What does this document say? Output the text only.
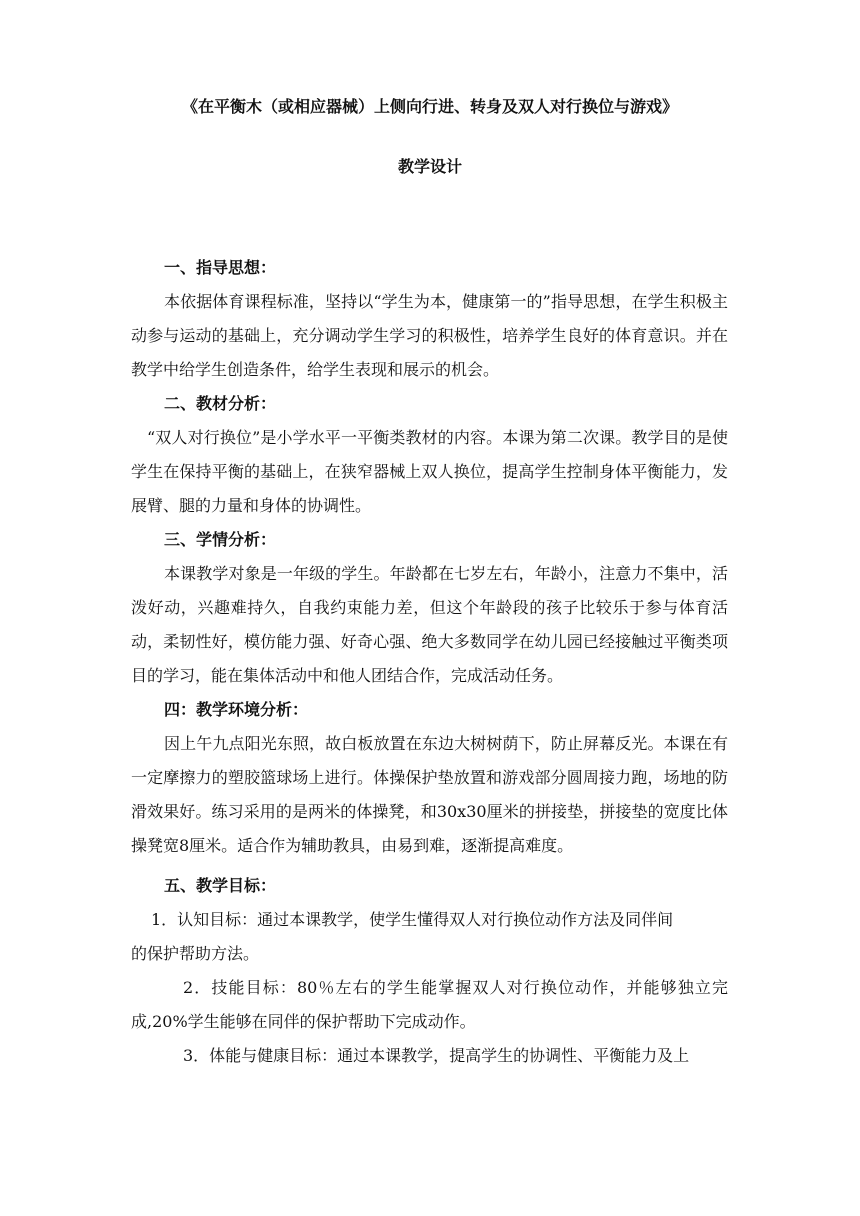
《在平衡木（或相应器械）上侧向行进、转身及双人对行换位与游戏》
教学设计
一、指导思想：
本依据体育课程标准，坚持以“学生为本，健康第一的”指导思想，在学生积极主动参与运动的基础上，充分调动学生学习的积极性，培养学生良好的体育意识。并在教学中给学生创造条件，给学生表现和展示的机会。
二、教材分析：
“双人对行换位”是小学水平一平衡类教材的内容。本课为第二次课。教学目的是使学生在保持平衡的基础上，在狭窄器械上双人换位，提高学生控制身体平衡能力，发展臂、腿的力量和身体的协调性。
三、学情分析：
本课教学对象是一年级的学生。年龄都在七岁左右，年龄小，注意力不集中，活泼好动，兴趣难持久，自我约束能力差，但这个年龄段的孩子比较乐于参与体育活动，柔韧性好，模仿能力强、好奇心强、绝大多数同学在幼儿园已经接触过平衡类项目的学习，能在集体活动中和他人团结合作，完成活动任务。
四：教学环境分析：
因上午九点阳光东照，故白板放置在东边大树树荫下，防止屏幕反光。本课在有一定摩擦力的塑胶篮球场上进行。体操保护垫放置和游戏部分圆周接力跑，场地的防滑效果好。练习采用的是两米的体操凳，和30x30厘米的拼接垫，拼接垫的宽度比体操凳宽8厘米。适合作为辅助教具，由易到难，逐渐提高难度。
五、教学目标：
1．认知目标：通过本课教学，使学生懂得双人对行换位动作方法及同伴间
的保护帮助方法。
2．技能目标：80％左右的学生能掌握双人对行换位动作，并能够独立完成,20%学生能够在同伴的保护帮助下完成动作。
3．体能与健康目标：通过本课教学，提高学生的协调性、平衡能力及上
